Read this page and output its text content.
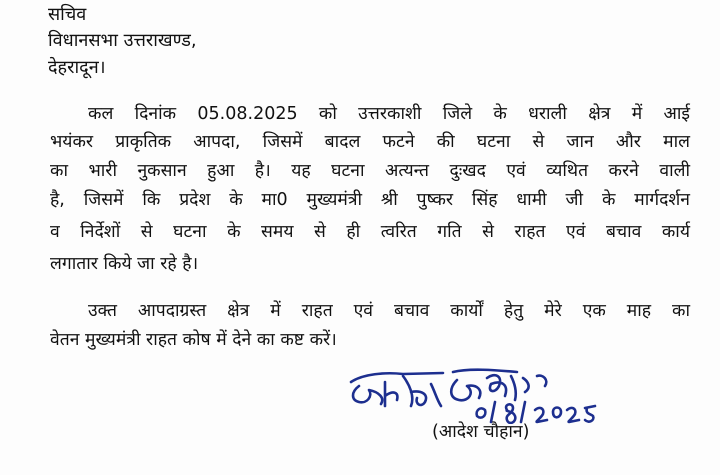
सचिव
विधानसभा उत्तराखण्ड,
देहरादून।
कल दिनांक 05.08.2025 को उत्तरकाशी जिले के धराली क्षेत्र में आई
भयंकर प्राकृतिक आपदा, जिसमें बादल फटने की घटना से जान और माल
का भारी नुकसान हुआ है। यह घटना अत्यन्त दुःखद एवं व्यथित करने वाली
है, जिसमें कि प्रदेश के मा0 मुख्यमंत्री श्री पुष्कर सिंह धामी जी के मार्गदर्शन
व निर्देशों से घटना के समय से ही त्वरित गति से राहत एवं बचाव कार्य
लगातार किये जा रहे है।
उक्त आपदाग्रस्त क्षेत्र में राहत एवं बचाव कार्यों हेतु मेरे एक माह का
वेतन मुख्यमंत्री राहत कोष में देने का कष्ट करें।
(आदेश चौहान)
